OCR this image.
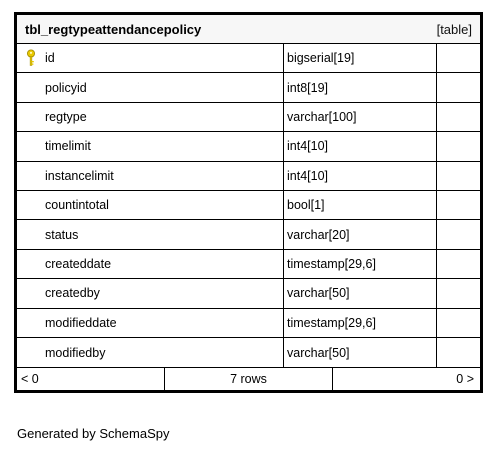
tbl_regtypeattendancepolicy	[table]
id	bigserial[19]
policyid	int8[19]
regtype	varchar[100]
timelimit	int4[10]
instancelimit	int4[10]
countintotal	bool[1]
status	varchar[20]
createddate	timestamp[29,6]
createdby	varchar[50]
modifieddate	timestamp[29,6]
modifiedby	varchar[50]
< 0	7 rows	0 >
Generated by SchemaSpy
